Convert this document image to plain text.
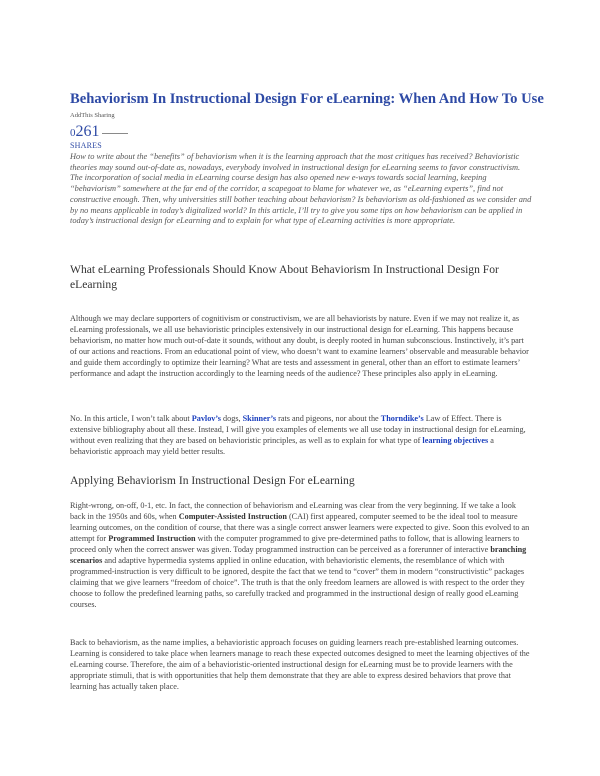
Behaviorism In Instructional Design For eLearning: When And How To Use
AddThis Sharing
0261
SHARES

How to write about the “benefits” of behaviorism when it is the learning approach that the most critiques has received? Behavioristic theories may sound out-of-date as, nowadays, everybody involved in instructional design for eLearning seems to favor constructivism. The incorporation of social media in eLearning course design has also opened new e-ways towards social learning, keeping “behaviorism” somewhere at the far end of the corridor, a scapegoat to blame for whatever we, as “eLearning experts”, find not constructive enough. Then, why universities still bother teaching about behaviorism? Is behaviorism as old-fashioned as we consider and by no means applicable in today’s digitalized world? In this article, I’ll try to give you some tips on how behaviorism can be applied in today’s instructional design for eLearning and to explain for what type of eLearning activities is more appropriate.

What eLearning Professionals Should Know About Behaviorism In Instructional Design For eLearning

Although we may declare supporters of cognitivism or constructivism, we are all behaviorists by nature. Even if we may not realize it, as eLearning professionals, we all use behavioristic principles extensively in our instructional design for eLearning. This happens because behaviorism, no matter how much out-of-date it sounds, without any doubt, is deeply rooted in human subconscious. Instinctively, it’s part of our actions and reactions. From an educational point of view, who doesn’t want to examine learners’ observable and measurable behavior and guide them accordingly to optimize their learning? What are tests and assessment in general, other than an effort to estimate learners’ performance and adapt the instruction accordingly to the learning needs of the audience? These principles also apply in eLearning.

No. In this article, I won’t talk about Pavlov’s dogs, Skinner’s rats and pigeons, nor about the Thorndike’s Law of Effect. There is extensive bibliography about all these. Instead, I will give you examples of elements we all use today in instructional design for eLearning, without even realizing that they are based on behavioristic principles, as well as to explain for what type of learning objectives a behavioristic approach may yield better results.

Applying Behaviorism In Instructional Design For eLearning

Right-wrong, on-off, 0-1, etc. In fact, the connection of behaviorism and eLearning was clear from the very beginning. If we take a look back in the 1950s and 60s, when Computer-Assisted Instruction (CAI) first appeared, computer seemed to be the ideal tool to measure learning outcomes, on the condition of course, that there was a single correct answer learners were expected to give. Soon this evolved to an attempt for Programmed Instruction with the computer programmed to give pre-determined paths to follow, that is allowing learners to proceed only when the correct answer was given. Today programmed instruction can be perceived as a forerunner of interactive branching scenarios and adaptive hypermedia systems applied in online education, with behavioristic elements, the resemblance of which with programmed-instruction is very difficult to be ignored, despite the fact that we tend to “cover” them in modern “constructivistic” packages claiming that we give learners “freedom of choice”. The truth is that the only freedom learners are allowed is with respect to the order they choose to follow the predefined learning paths, so carefully tracked and programmed in the instructional design of really good eLearning courses.

Back to behaviorism, as the name implies, a behavioristic approach focuses on guiding learners reach pre-established learning outcomes. Learning is considered to take place when learners manage to reach these expected outcomes designed to meet the learning objectives of the eLearning course. Therefore, the aim of a behavioristic-oriented instructional design for eLearning must be to provide learners with the appropriate stimuli, that is with opportunities that help them demonstrate that they are able to express desired behaviors that prove that learning has actually taken place.
